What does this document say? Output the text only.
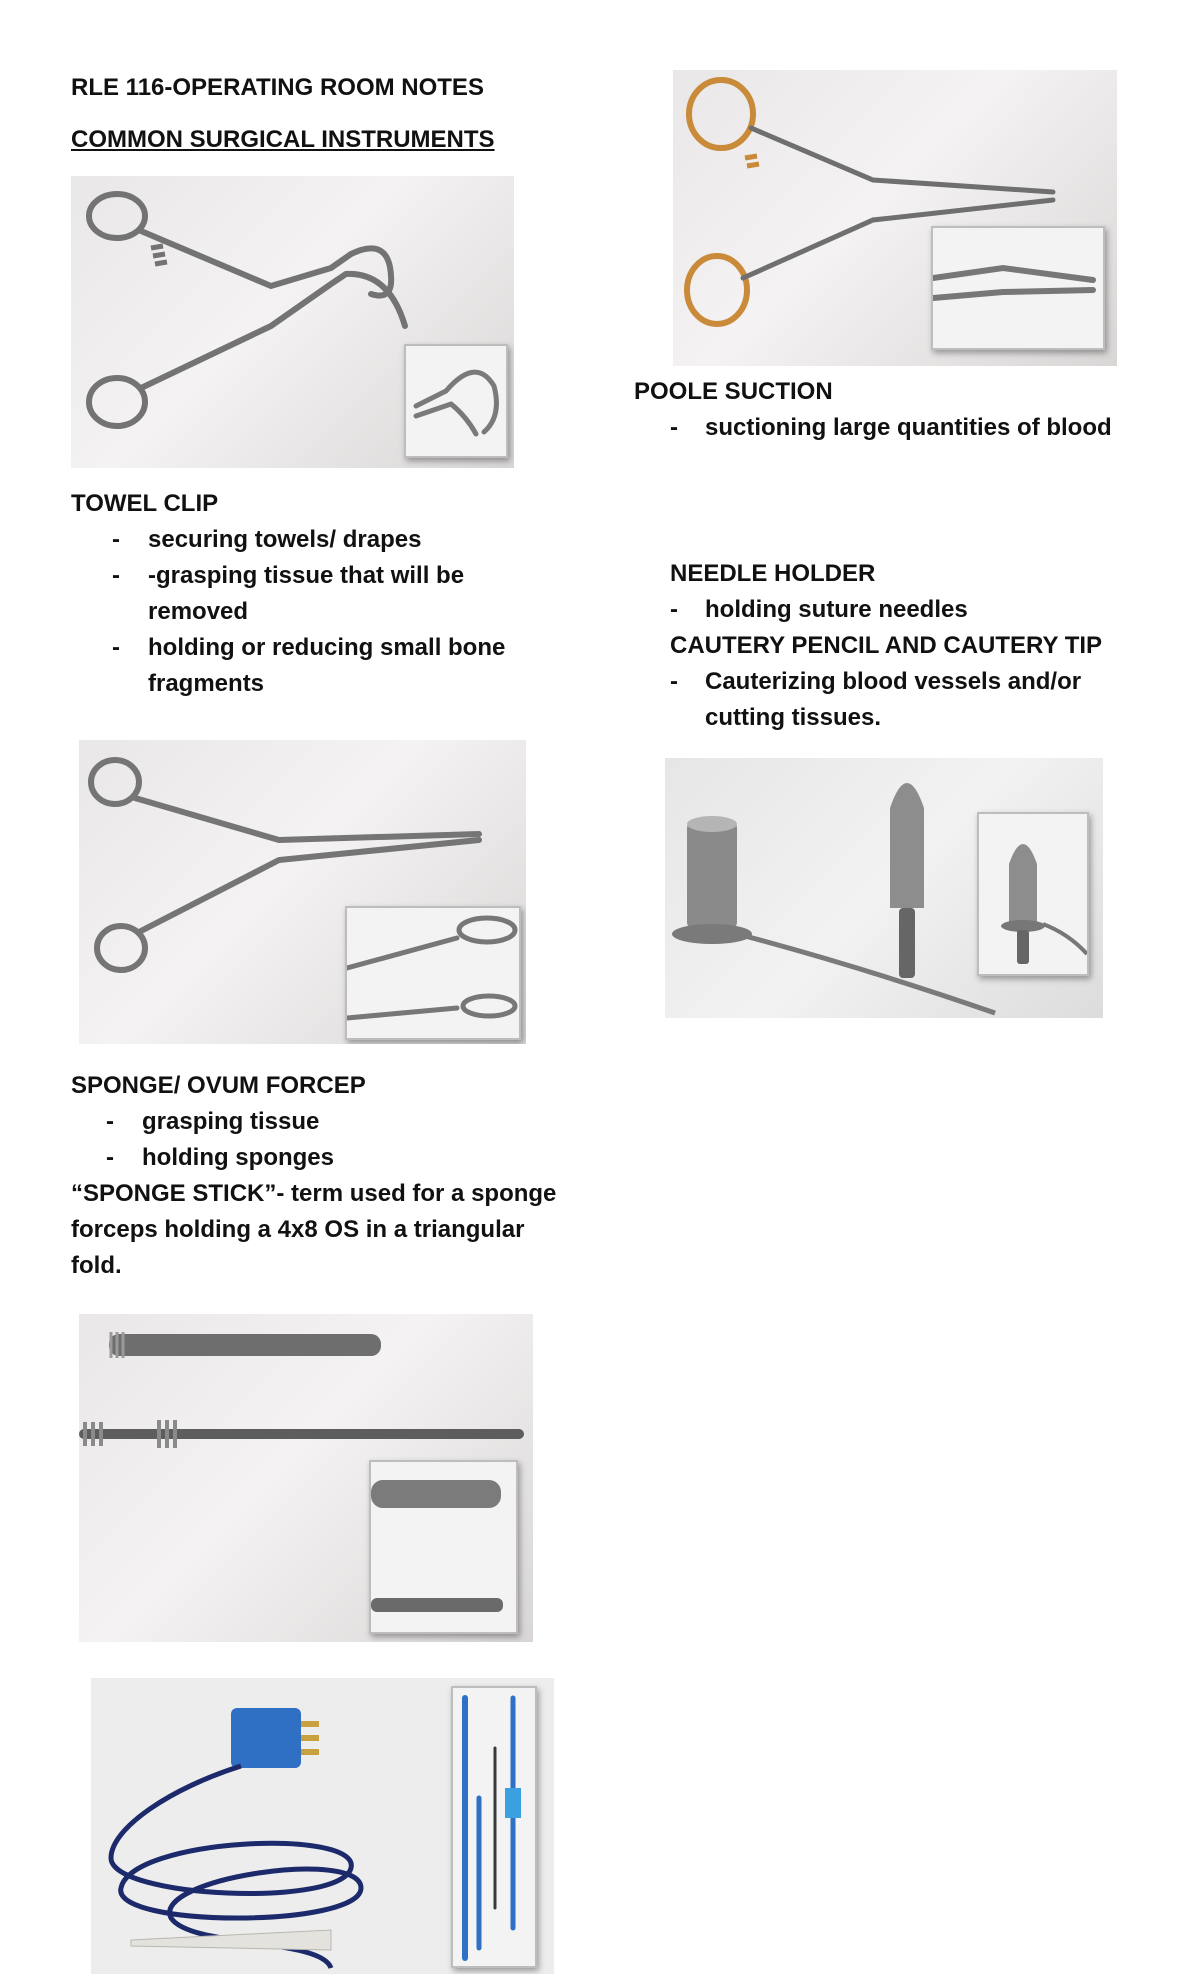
RLE 116-OPERATING ROOM NOTES
COMMON SURGICAL INSTRUMENTS
TOWEL CLIP
- securing towels/ drapes
- -grasping tissue that will be
removed
- holding or reducing small bone
fragments
SPONGE/ OVUM FORCEP
- grasping tissue
- holding sponges
“SPONGE STICK”- term used for a sponge
forceps holding a 4x8 OS in a triangular
fold.
POOLE SUCTION
- suctioning large quantities of blood
NEEDLE HOLDER
- holding suture needles
CAUTERY PENCIL AND CAUTERY TIP
- Cauterizing blood vessels and/or
cutting tissues.
